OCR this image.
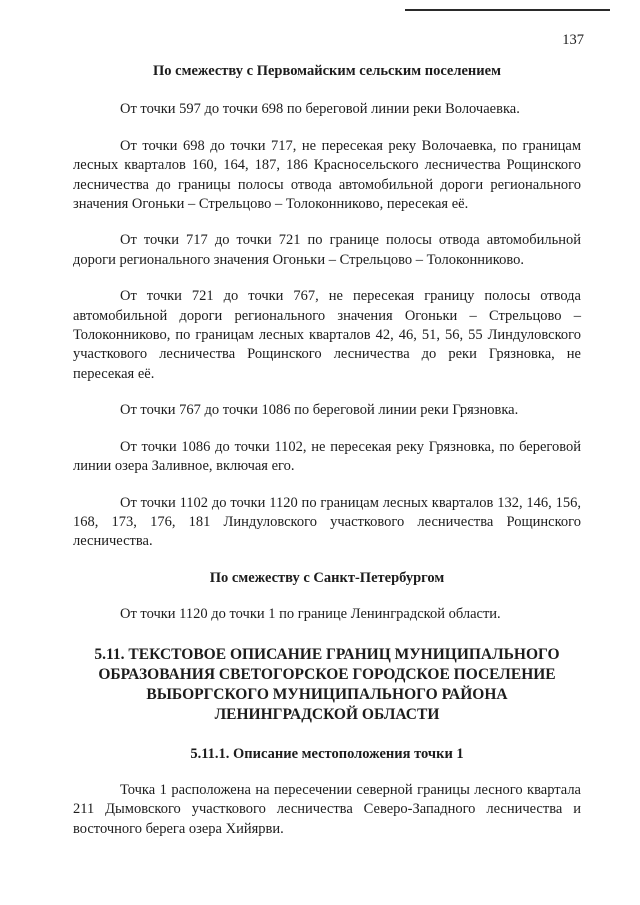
137

По смежеству с Первомайским сельским поселением

От точки 597 до точки 698 по береговой линии реки Волочаевка.

От точки 698 до точки 717, не пересекая реку Волочаевка, по границам лесных кварталов 160, 164, 187, 186 Красносельского лесничества Рощинского лесничества до границы полосы отвода автомобильной дороги регионального значения Огоньки – Стрельцово – Толоконниково, пересекая её.

От точки 717 до точки 721 по границе полосы отвода автомобильной дороги регионального значения Огоньки – Стрельцово – Толоконниково.

От точки 721 до точки 767, не пересекая границу полосы отвода автомобильной дороги регионального значения Огоньки – Стрельцово – Толоконниково, по границам лесных кварталов 42, 46, 51, 56, 55 Линдуловского участкового лесничества Рощинского лесничества до реки Грязновка, не пересекая её.

От точки 767 до точки 1086 по береговой линии реки Грязновка.

От точки 1086 до точки 1102, не пересекая реку Грязновка, по береговой линии озера Заливное, включая его.

От точки 1102 до точки 1120 по границам лесных кварталов 132, 146, 156, 168, 173, 176, 181 Линдуловского участкового лесничества Рощинского лесничества.

По смежеству с Санкт-Петербургом

От точки 1120 до точки 1 по границе Ленинградской области.

5.11. ТЕКСТОВОЕ ОПИСАНИЕ ГРАНИЦ МУНИЦИПАЛЬНОГО

ОБРАЗОВАНИЯ СВЕТОГОРСКОЕ ГОРОДСКОЕ ПОСЕЛЕНИЕ

ВЫБОРГСКОГО МУНИЦИПАЛЬНОГО РАЙОНА

ЛЕНИНГРАДСКОЙ ОБЛАСТИ

5.11.1. Описание местоположения точки 1

Точка 1 расположена на пересечении северной границы лесного квартала 211 Дымовского участкового лесничества Северо-Западного лесничества и восточного берега озера Хийярви.
